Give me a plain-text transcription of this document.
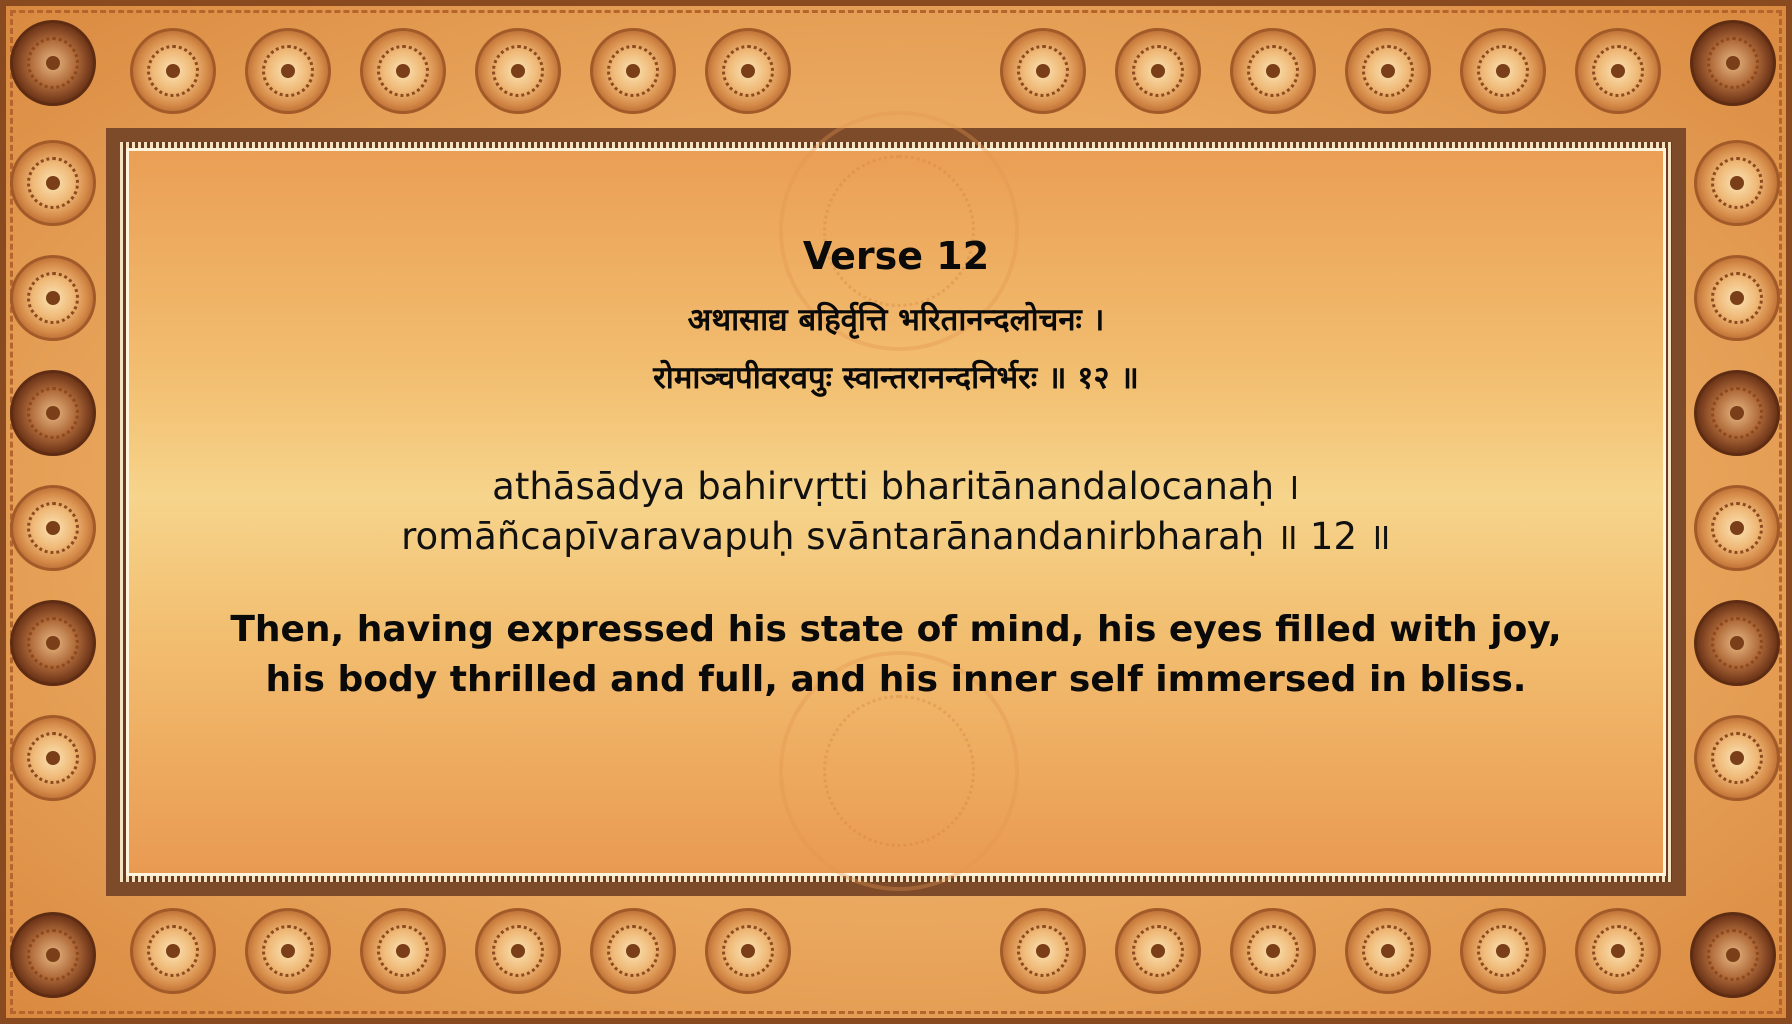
Verse 12
अथासाद्य बहिर्वृत्ति भरितानन्दलोचनः ।
रोमाञ्चपीवरवपुः स्वान्तरानन्दनिर्भरः ॥ १२ ॥
athāsādya bahirvṛtti bharitānandalocanaḥ ।
romāñcapīvaravapuḥ svāntarānandanirbharaḥ ॥ 12 ॥
Then, having expressed his state of mind, his eyes filled with joy,
his body thrilled and full, and his inner self immersed in bliss.
